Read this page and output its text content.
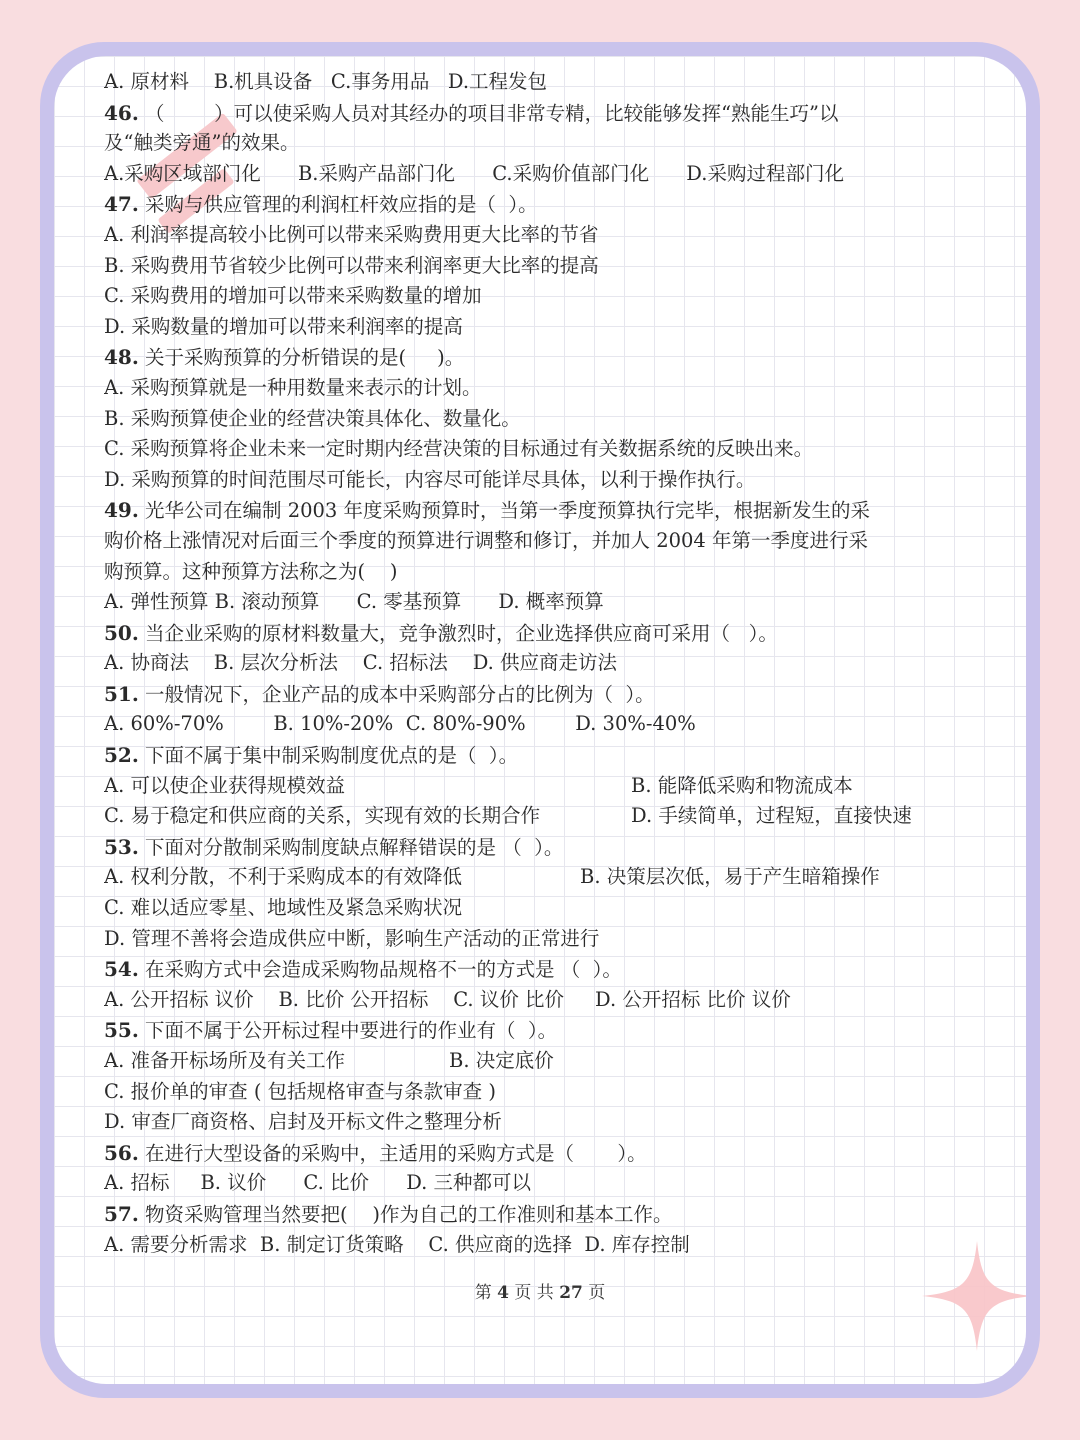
A. 原材料    B.机具设备   C.事务用品   D.工程发包
46. （        ）可以使采购人员对其经办的项目非常专精，比较能够发挥“熟能生巧”以
及“触类旁通”的效果。
A.采购区域部门化      B.采购产品部门化      C.采购价值部门化      D.采购过程部门化
47. 采购与供应管理的利润杠杆效应指的是（  ）。
A. 利润率提高较小比例可以带来采购费用更大比率的节省
B. 采购费用节省较少比例可以带来利润率更大比率的提高
C. 采购费用的增加可以带来采购数量的增加
D. 采购数量的增加可以带来利润率的提高
48. 关于采购预算的分析错误的是(     )。
A. 采购预算就是一种用数量来表示的计划。
B. 采购预算使企业的经营决策具体化、数量化。
C. 采购预算将企业未来一定时期内经营决策的目标通过有关数据系统的反映出来。
D. 采购预算的时间范围尽可能长，内容尽可能详尽具体，以利于操作执行。
49. 光华公司在编制 2003 年度采购预算时，当第一季度预算执行完毕，根据新发生的采
购价格上涨情况对后面三个季度的预算进行调整和修订，并加人 2004 年第一季度进行采
购预算。这种预算方法称之为(    )
A. 弹性预算 B. 滚动预算      C. 零基预算      D. 概率预算
50. 当企业采购的原材料数量大，竞争激烈时，企业选择供应商可采用（   ）。
A. 协商法    B. 层次分析法    C. 招标法    D. 供应商走访法
51. 一般情况下，企业产品的成本中采购部分占的比例为（  ）。
A. 60%-70%        B. 10%-20%  C. 80%-90%        D. 30%-40%
52. 下面不属于集中制采购制度优点的是（  ）。
A. 可以使企业获得规模效益	B. 能降低采购和物流成本
C. 易于稳定和供应商的关系，实现有效的长期合作	D. 手续简单，过程短，直接快速
53. 下面对分散制采购制度缺点解释错误的是 （  ）。
A. 权利分散，不利于采购成本的有效降低	B. 决策层次低，易于产生暗箱操作
C. 难以适应零星、地域性及紧急采购状况
D. 管理不善将会造成供应中断，影响生产活动的正常进行
54. 在采购方式中会造成采购物品规格不一的方式是 （  ）。
A. 公开招标 议价    B. 比价 公开招标    C. 议价 比价     D. 公开招标 比价 议价
55. 下面不属于公开标过程中要进行的作业有（  ）。
A. 准备开标场所及有关工作	B. 决定底价
C. 报价单的审查 ( 包括规格审查与条款审查 )
D. 审查厂商资格、启封及开标文件之整理分析
56. 在进行大型设备的采购中，主适用的采购方式是（       ）。
A. 招标     B. 议价      C. 比价      D. 三种都可以
57. 物资采购管理当然要把(    )作为自己的工作准则和基本工作。
A. 需要分析需求  B. 制定订货策略    C. 供应商的选择  D. 库存控制
第 4 页 共 27 页
